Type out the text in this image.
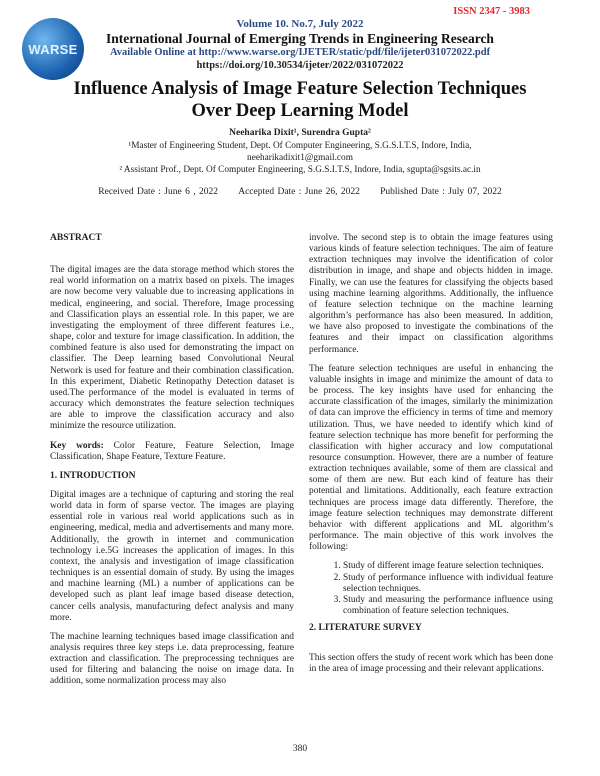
ISSN 2347 - 3983
WARSE
Volume 10. No.7, July 2022
International Journal of Emerging Trends in Engineering Research
Available Online at http://www.warse.org/IJETER/static/pdf/file/ijeter031072022.pdf
https://doi.org/10.30534/ijeter/2022/031072022
Influence Analysis of Image Feature Selection Techniques
Over Deep Learning Model
Neeharika Dixit¹, Surendra Gupta²
¹Master of Engineering Student, Dept. Of Computer Engineering, S.G.S.I.T.S, Indore, India,
neeharikadixit1@gmail.com
² Assistant Prof., Dept. Of Computer Engineering, S.G.S.I.T.S, Indore, India, sgupta@sgsits.ac.in
Received Date : June 6 , 2022 Accepted Date : June 26, 2022 Published Date : July 07, 2022
ABSTRACT

The digital images are the data storage method which stores the real world information on a matrix based on pixels. The images are now become very valuable due to increasing applications in medical, engineering, and social. Therefore, Image processing and Classification plays an essential role. In this paper, we are investigating the employment of three different features i.e., shape, color and texture for image classification. In addition, the combined feature is also used for demonstrating the impact on classifier. The Deep learning based Convolutional Neural Network is used for feature and their combination classification. In this experiment, Diabetic Retinopathy Detection dataset is used.The performance of the model is evaluated in terms of accuracy which demonstrates the feature selection techniques are able to improve the classification accuracy and also minimize the resource utilization.

Key words: Color Feature, Feature Selection, Image Classification, Shape Feature, Texture Feature.

1. INTRODUCTION

Digital images are a technique of capturing and storing the real world data in form of sparse vector. The images are playing essential role in various real world applications such as in engineering, medical, media and advertisements and many more. Additionally, the growth in internet and communication technology i.e.5G increases the application of images. In this context, the analysis and investigation of image classification techniques is an essential domain of study. By using the images and machine learning (ML) a number of applications can be developed such as plant leaf image based disease detection, cancer cells analysis, manufacturing defect analysis and many more.

The machine learning techniques based image classification and analysis requires three key steps i.e. data preprocessing, feature extraction and classification. The preprocessing techniques are used for filtering and balancing the noise on image data. In addition, some normalization process may also

involve. The second step is to obtain the image features using various kinds of feature selection techniques. The aim of feature extraction techniques may involve the identification of color distribution in image, and shape and objects hidden in image. Finally, we can use the features for classifying the objects based using machine learning algorithms. Additionally, the influence of feature selection technique on the machine learning algorithm’s performance has also been measured. In addition, we have also proposed to investigate the combinations of the features and their impact on classification algorithms performance.

The feature selection techniques are useful in enhancing the valuable insights in image and minimize the amount of data to be process. The key insights have used for enhancing the accurate classification of the images, similarly the minimization of data can improve the efficiency in terms of time and memory utilization. Thus, we have needed to identify which kind of feature selection technique has more benefit for performing the classification with higher accuracy and low computational resource consumption. However, there are a number of feature extraction techniques available, some of them are classical and some of them are new. But each kind of feature has their potential and limitations. Additionally, each feature extraction techniques are process image data differently. Therefore, the image feature selection techniques may demonstrate different behavior with different applications and ML algorithm’s performance. The main objective of this work involves the following:

1. Study of different image feature selection techniques.
2. Study of performance influence with individual feature selection techniques.
3. Study and measuring the performance influence using combination of feature selection techniques.
2. LITERATURE SURVEY

This section offers the study of recent work which has been done in the area of image processing and their relevant applications.

380
